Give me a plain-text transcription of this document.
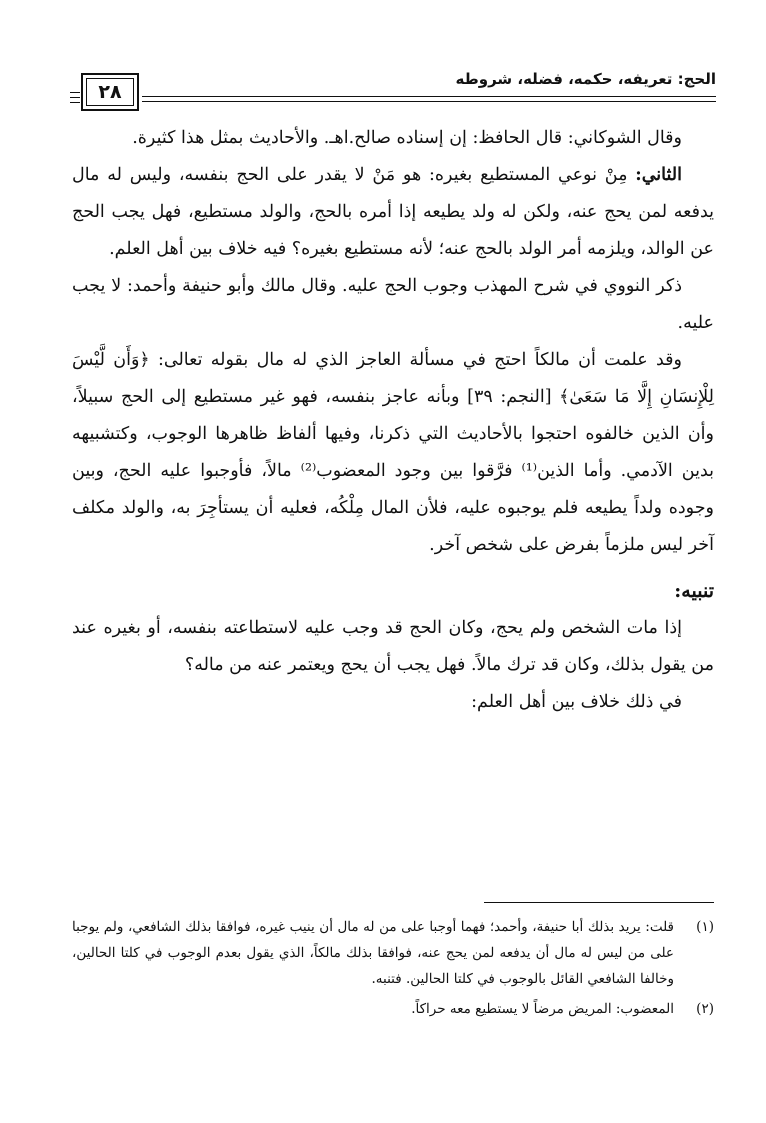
الحج: تعريفه، حكمه، فضله، شروطه
٢٨

وقال الشوكاني: قال الحافظ: إن إسناده صالح.اهـ. والأحاديث بمثل هذا كثيرة.

الثاني: مِنْ نوعي المستطيع بغيره: هو مَنْ لا يقدر على الحج بنفسه، وليس له مال يدفعه لمن يحج عنه، ولكن له ولد يطيعه إذا أمره بالحج، والولد مستطيع، فهل يجب الحج عن الوالد، ويلزمه أمر الولد بالحج عنه؛ لأنه مستطيع بغيره؟ فيه خلاف بين أهل العلم.

ذكر النووي في شرح المهذب وجوب الحج عليه. وقال مالك وأبو حنيفة وأحمد: لا يجب عليه.

وقد علمت أن مالكاً احتج في مسألة العاجز الذي له مال بقوله تعالى: ﴿وَأَن لَّيْسَ لِلْإِنسَانِ إِلَّا مَا سَعَىٰ﴾ [النجم: ٣٩] وبأنه عاجز بنفسه، فهو غير مستطيع إلى الحج سبيلاً، وأن الذين خالفوه احتجوا بالأحاديث التي ذكرنا، وفيها ألفاظ ظاهرها الوجوب، وكتشبيهه بدين الآدمي. وأما الذين⁽¹⁾ فرَّقوا بين وجود المعضوب⁽²⁾ مالاً، فأوجبوا عليه الحج، وبين وجوده ولداً يطيعه فلم يوجبوه عليه، فلأن المال مِلْكُه، فعليه أن يستأجِرَ به، والولد مكلف آخر ليس ملزماً بفرض على شخص آخر.

تنبيه:

إذا مات الشخص ولم يحج، وكان الحج قد وجب عليه لاستطاعته بنفسه، أو بغيره عند من يقول بذلك، وكان قد ترك مالاً. فهل يجب أن يحج ويعتمر عنه من ماله؟

في ذلك خلاف بين أهل العلم:

(١)
قلت: يريد بذلك أبا حنيفة، وأحمد؛ فهما أوجبا على من له مال أن ينيب غيره، فوافقا بذلك الشافعي، ولم يوجبا على من ليس له مال أن يدفعه لمن يحج عنه، فوافقا بذلك مالكاً، الذي يقول بعدم الوجوب في كلتا الحالين، وخالفا الشافعي القائل بالوجوب في كلتا الحالين. فتنبه.
(٢)
المعضوب: المريض مرضاً لا يستطيع معه حراكاً.
